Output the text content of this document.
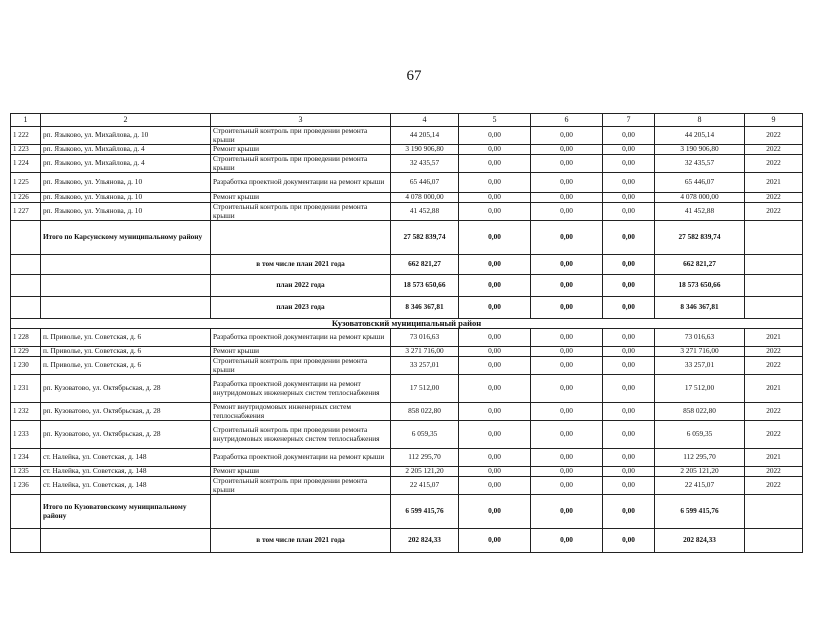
67
1	2	3	4	5	6	7	8	9
1 222	рп. Языково, ул. Михайлова, д. 10	Строительный контроль при проведении ремонта крыши	44 205,14	0,00	0,00	0,00	44 205,14	2022
1 223	рп. Языково, ул. Михайлова, д. 4	Ремонт крыши	3 190 906,80	0,00	0,00	0,00	3 190 906,80	2022
1 224	рп. Языково, ул. Михайлова, д. 4	Строительный контроль при проведении ремонта крыши	32 435,57	0,00	0,00	0,00	32 435,57	2022
1 225	рп. Языково, ул. Ульянова, д. 10	Разработка проектной документации на ремонт крыши	65 446,07	0,00	0,00	0,00	65 446,07	2021
1 226	рп. Языково, ул. Ульянова, д. 10	Ремонт крыши	4 078 000,00	0,00	0,00	0,00	4 078 000,00	2022
1 227	рп. Языково, ул. Ульянова, д. 10	Строительный контроль при проведении ремонта крыши	41 452,88	0,00	0,00	0,00	41 452,88	2022
	Итого по Карсунскому муниципальному району		27 582 839,74	0,00	0,00	0,00	27 582 839,74	
		в том числе план 2021 года	662 821,27	0,00	0,00	0,00	662 821,27	
		план 2022 года	18 573 650,66	0,00	0,00	0,00	18 573 650,66	
		план 2023 года	8 346 367,81	0,00	0,00	0,00	8 346 367,81	
Кузоватовский муниципальный район								
1 228	п. Приволье, ул. Советская, д. 6	Разработка проектной документации на ремонт крыши	73 016,63	0,00	0,00	0,00	73 016,63	2021
1 229	п. Приволье, ул. Советская, д. 6	Ремонт крыши	3 271 716,00	0,00	0,00	0,00	3 271 716,00	2022
1 230	п. Приволье, ул. Советская, д. 6	Строительный контроль при проведении ремонта крыши	33 257,01	0,00	0,00	0,00	33 257,01	2022
1 231	рп. Кузоватово, ул. Октябрьская, д. 28	Разработка проектной документации на ремонт внутридомовых инженерных систем теплоснабжения	17 512,00	0,00	0,00	0,00	17 512,00	2021
1 232	рп. Кузоватово, ул. Октябрьская, д. 28	Ремонт внутридомовых инженерных систем теплоснабжения	858 022,80	0,00	0,00	0,00	858 022,80	2022
1 233	рп. Кузоватово, ул. Октябрьская, д. 28	Строительный контроль при проведении ремонта внутридомовых инженерных систем теплоснабжения	6 059,35	0,00	0,00	0,00	6 059,35	2022
1 234	ст. Налейка, ул. Советская, д. 148	Разработка проектной документации на ремонт крыши	112 295,70	0,00	0,00	0,00	112 295,70	2021
1 235	ст. Налейка, ул. Советская, д. 148	Ремонт крыши	2 205 121,20	0,00	0,00	0,00	2 205 121,20	2022
1 236	ст. Налейка, ул. Советская, д. 148	Строительный контроль при проведении ремонта крыши	22 415,07	0,00	0,00	0,00	22 415,07	2022
	Итого по Кузоватовскому муниципальному району		6 599 415,76	0,00	0,00	0,00	6 599 415,76	
		в том числе план 2021 года	202 824,33	0,00	0,00	0,00	202 824,33	
